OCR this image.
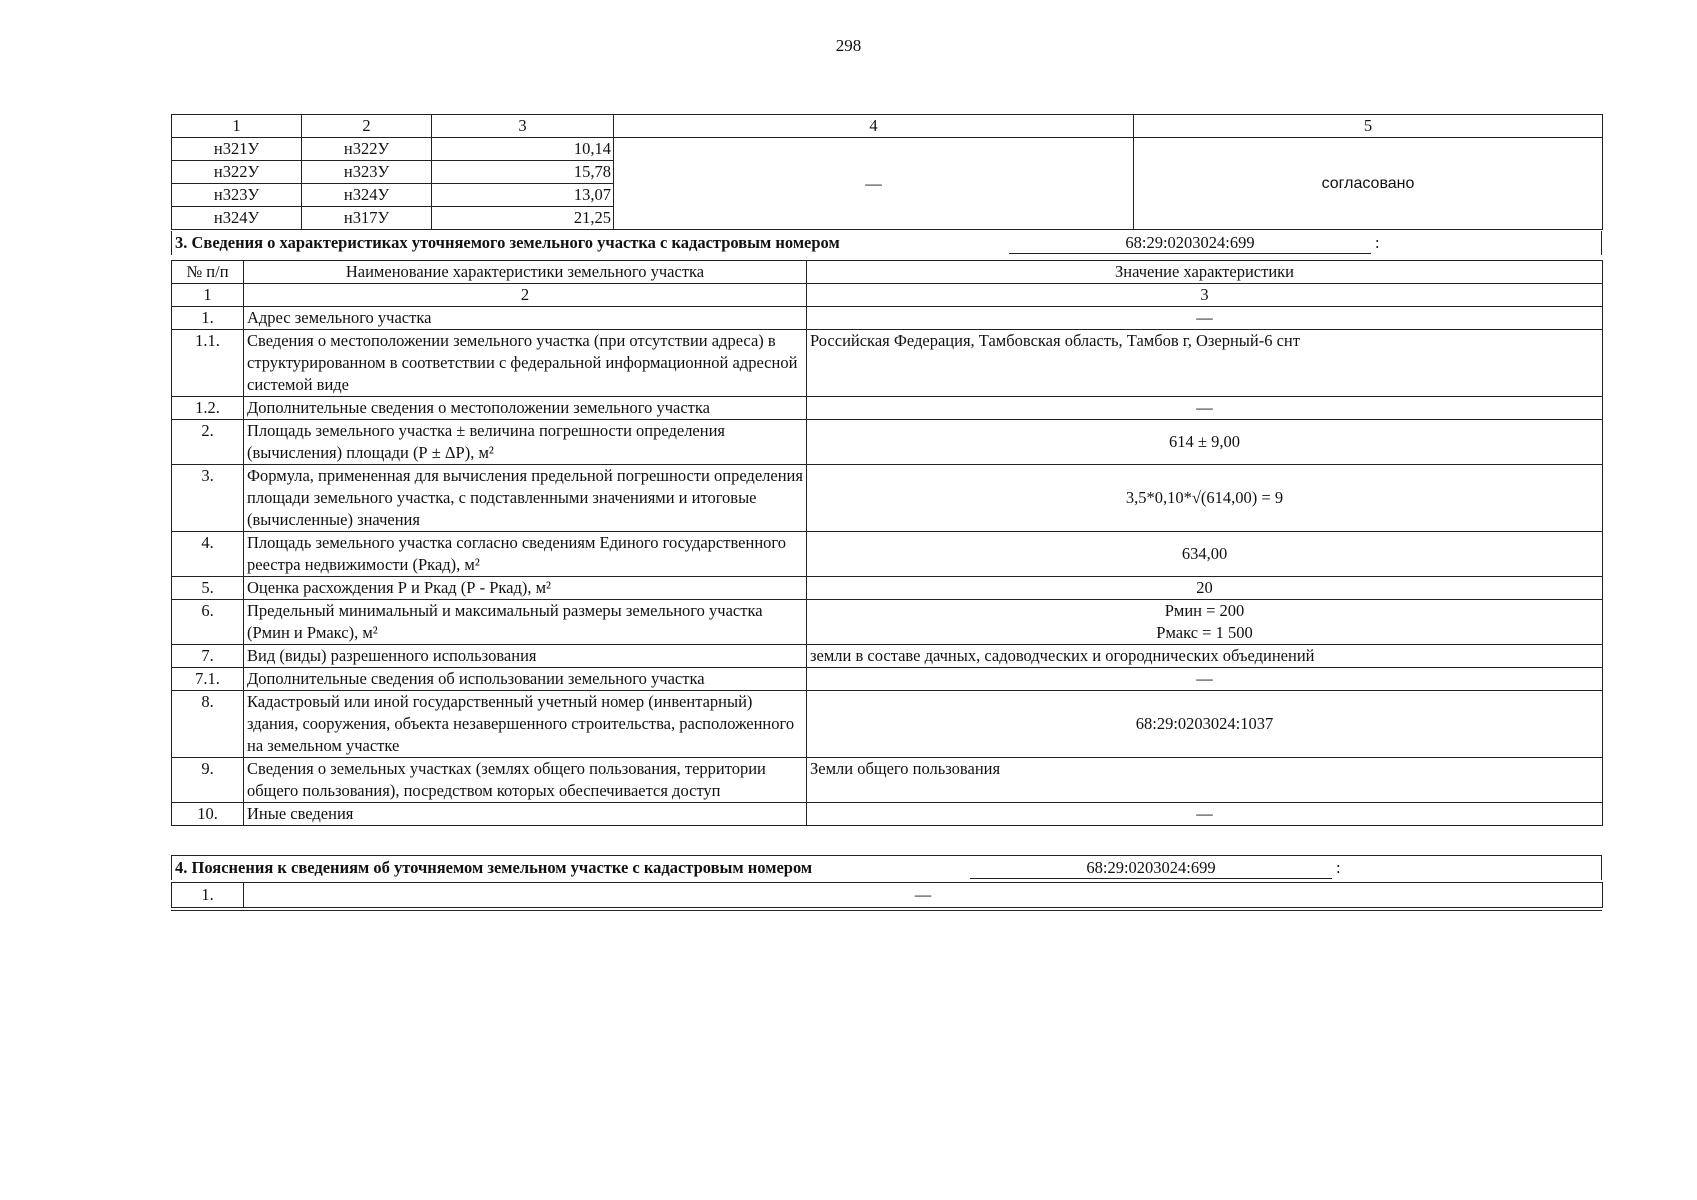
298
1	2	3	4	5
н321У	н322У	10,14	—	согласовано
н322У	н323У	15,78		
н323У	н324У	13,07		
н324У	н317У	21,25		
3. Сведения о характеристиках уточняемого земельного участка с кадастровым номером	68:29:0203024:699	:
№ п/п	Наименование характеристики земельного участка	Значение характеристики
1	2	3
1.	Адрес земельного участка	—
1.1.	Сведения о местоположении земельного участка (при отсутствии адреса) в структурированном в соответствии с федеральной информационной адресной системой виде	Российская Федерация, Тамбовская область, Тамбов г, Озерный-6 снт
1.2.	Дополнительные сведения о местоположении земельного участка	—
2.	Площадь земельного участка ± величина погрешности определения (вычисления) площади (Р ± ΔР), м²	614 ± 9,00
3.	Формула, примененная для вычисления предельной погрешности определения площади земельного участка, с подставленными значениями и итоговые (вычисленные) значения	3,5*0,10*√(614,00) = 9
4.	Площадь земельного участка согласно сведениям Единого государственного реестра недвижимости (Ркад), м²	634,00
5.	Оценка расхождения Р и Ркад (Р - Ркад), м²	20
6.	Предельный минимальный и максимальный размеры земельного участка (Рмин и Рмакс), м²	Рмин = 200
Рмакс = 1 500

7.	Вид (виды) разрешенного использования	земли в составе дачных, садоводческих и огороднических объединений
7.1.	Дополнительные сведения об использовании земельного участка	—
8.	Кадастровый или иной государственный учетный номер (инвентарный) здания, сооружения, объекта незавершенного строительства, расположенного на земельном участке	68:29:0203024:1037
9.	Сведения о земельных участках (землях общего пользования, территории общего пользования), посредством которых обеспечивается доступ	Земли общего пользования
10.	Иные сведения	—
4. Пояснения к сведениям об уточняемом земельном участке с кадастровым номером	68:29:0203024:699	:
1.	—
